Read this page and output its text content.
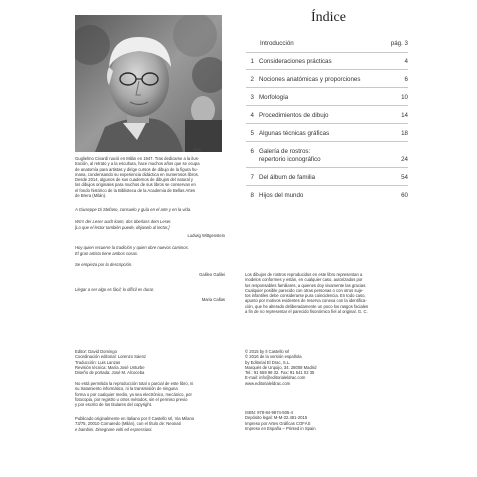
2010
Índice
Introducción	pág. 3
1 Consideraciones prácticas	4
2 Nociones anatómicas y proporciones	6
3 Morfología	10
4 Procedimientos de dibujo	14
5 Algunas técnicas gráficas	18
6 Galería de rostros:
repertorio iconográfico	24
7 Del álbum de familia	54
8 Hijos del mundo	60
Guglielmo Civardi nació en Milán en 1947. Tras dedicarse a la ilus-
tración, al retrato y a la escultura, hace muchos años que se ocupa
de anatomía para artistas y dirige cursos de dibujo de la figura hu-
mana, condensando su experiencia didáctica en numerosos libros.
Desde 2014, algunos de sus cuadernos de dibujos del natural y
los dibujos originales para muchos de sus libros se conservan en
el fondo histórico de la Biblioteca de la Academia de Bellas Artes
de Brera (Milán).
A Giuseppe Di Stefano, consuelo y guía en el arte y en la vida.
Wo's der Leser auch kann, dos überlass dem Leser.
[Lo que el lector también puede, déjaselo al lector.]
Ludwig Wittgenstein
Hoy quien recuerre la tradición y quien obre nuevos caminos.
El gran artista tiene ambos cosas.
Se empieza por la descripción.
Galileo Galilei
Llegar a ser algo es fácil; lo difícil es durar.
Maria Callas
Los dibujos de rostros reproducidos en este libro representan a
modelos conformes y están, en cualquier caso, autorizados por
los responsables familiares, a quienes doy vivamente las gracias.
Cualquier posible parecido con otras personas o con otros suje-
tos infantiles debe considerarse pura coincidencia. En todo caso,
apunto por motivos evidentes de reserva conexa con la identifica-
ción, que he alterado deliberadamente un poco los rasgos faciales
a fin de no representar el parecido fisonómico fiel al original. G. C.
Editor: David Domingo
Coordinación editorial: Lorenzo Sáenz
Traducción: Luis Lanzas
Revisión técnica: María José Unturbe
Diseño de portada: José M. Alcoceba
No está permitida la reproducción total o parcial de este libro, ni
su tratamiento informático, ni la transmisión de ninguna
forma o por cualquier medio, ya sea electrónico, mecánico, por
fotocopia, por registro u otros métodos, sin el permiso previo
y por escrito de los titulares del copyright.
Publicado originalmente en italiano por Il Castello srl, Via Milano
73/75, 20010 Cornaredo (Milán), con el título de: Neonati
e bambini. Disegnare volti ed espressioni.
© 2015 by Il Castello srl
© 2016 de la versión española
by Editorial El Drac, S.L.
Marqués de Urquijo, 34. 28008 Madrid
Tel.: 91 559 98 32. Fax: 91 541 02 35
E-mail: info@editorialeldrac.com
www.editorialeldrac.com
ISBN: 978-84-9874-505-4
Depósito legal: M-M-32.481-2015
Impreso por Artes Gráficas COFÁS
Impreso en España – Printed in Spain
